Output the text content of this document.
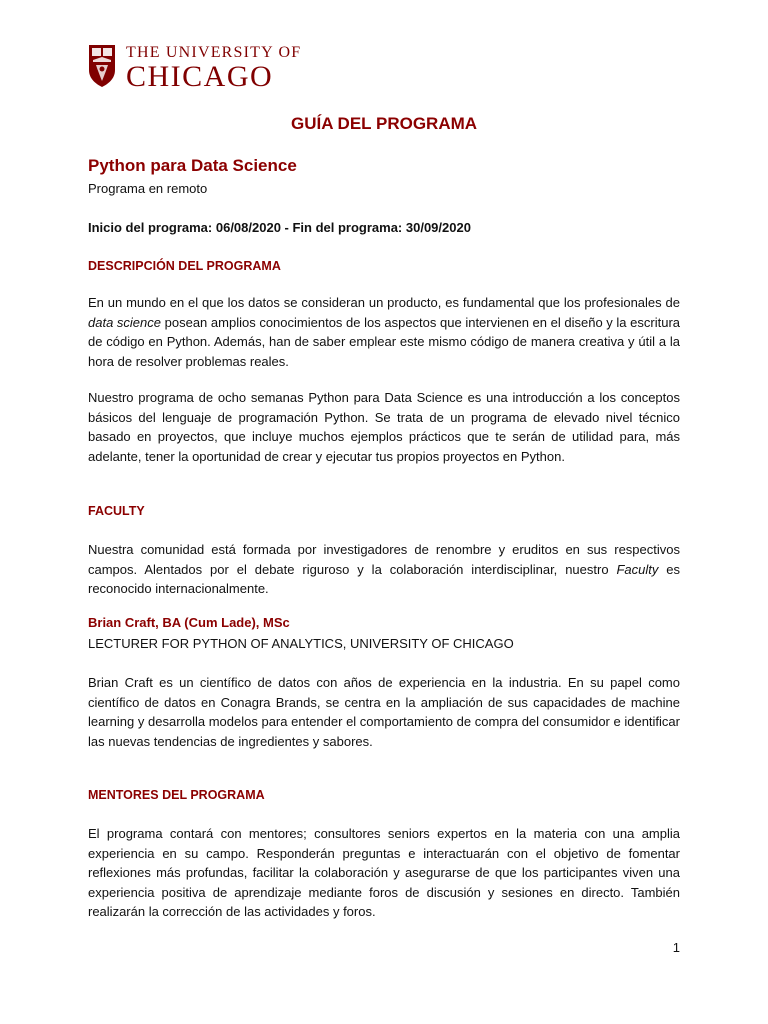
THE UNIVERSITY OF
CHICAGO
GUÍA DEL PROGRAMA
Python para Data Science
Programa en remoto
Inicio del programa: 06/08/2020 - Fin del programa: 30/09/2020
DESCRIPCIÓN DEL PROGRAMA
En un mundo en el que los datos se consideran un producto, es fundamental que los profesionales de data science posean amplios conocimientos de los aspectos que intervienen en el diseño y la escritura de código en Python. Además, han de saber emplear este mismo código de manera creativa y útil a la hora de resolver problemas reales.
Nuestro programa de ocho semanas Python para Data Science es una introducción a los conceptos básicos del lenguaje de programación Python. Se trata de un programa de elevado nivel técnico basado en proyectos, que incluye muchos ejemplos prácticos que te serán de utilidad para, más adelante, tener la oportunidad de crear y ejecutar tus propios proyectos en Python.
FACULTY
Nuestra comunidad está formada por investigadores de renombre y eruditos en sus respectivos campos. Alentados por el debate riguroso y la colaboración interdisciplinar, nuestro Faculty es reconocido internacionalmente.
Brian Craft, BA (Cum Lade), MSc
LECTURER FOR PYTHON OF ANALYTICS, UNIVERSITY OF CHICAGO
Brian Craft es un científico de datos con años de experiencia en la industria. En su papel como científico de datos en Conagra Brands, se centra en la ampliación de sus capacidades de machine learning y desarrolla modelos para entender el comportamiento de compra del consumidor e identificar las nuevas tendencias de ingredientes y sabores.
MENTORES DEL PROGRAMA
El programa contará con mentores; consultores seniors expertos en la materia con una amplia experiencia en su campo. Responderán preguntas e interactuarán con el objetivo de fomentar reflexiones más profundas, facilitar la colaboración y asegurarse de que los participantes viven una experiencia positiva de aprendizaje mediante foros de discusión y sesiones en directo. También realizarán la corrección de las actividades y foros.
1
